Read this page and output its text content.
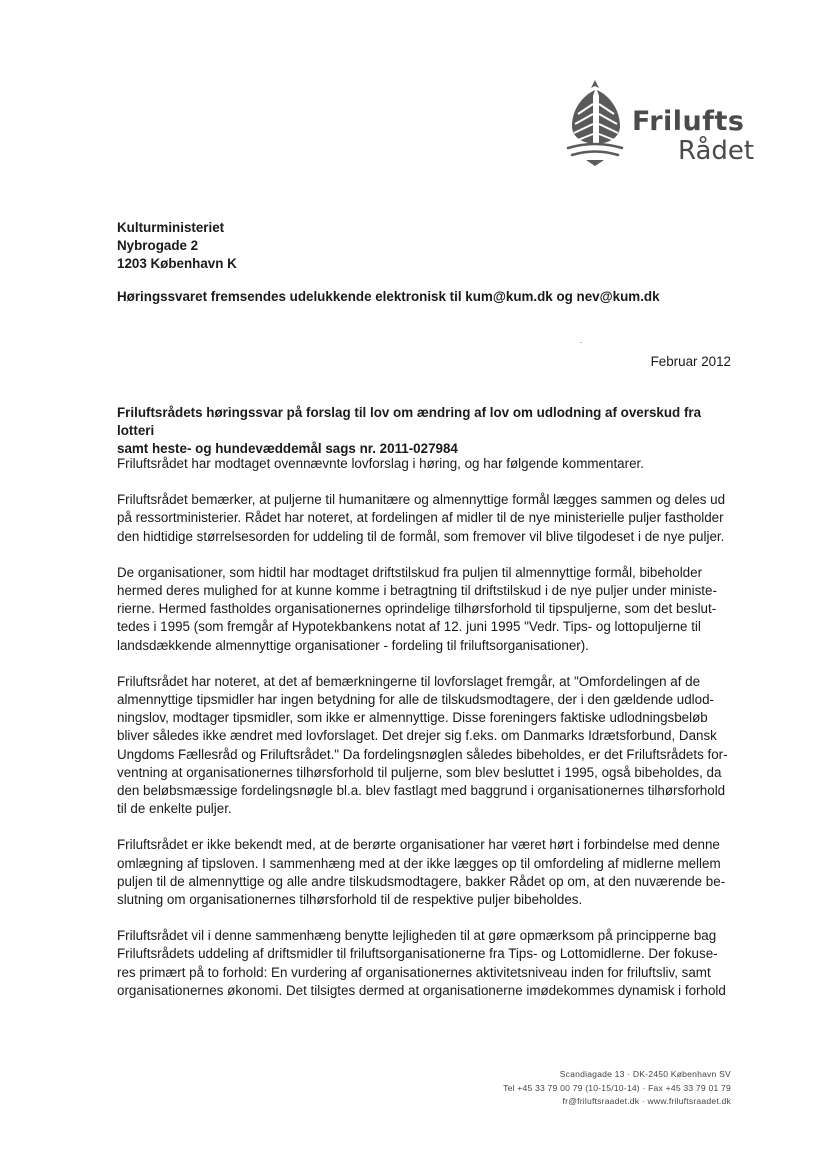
Frilufts
Rådet
Kulturministeriet
Nybrogade 2
1203 København K
Høringssvaret fremsendes udelukkende elektronisk til kum@kum.dk og nev@kum.dk
Februar 2012
Friluftsrådets høringssvar på forslag til lov om ændring af lov om udlodning af overskud fra lotteri
samt heste- og hundevæddemål sags nr. 2011-027984

Friluftsrådet har modtaget ovennævnte lovforslag i høring, og har følgende kommentarer.

Friluftsrådet bemærker, at puljerne til humanitære og almennyttige formål lægges sammen og deles ud
på ressortministerier. Rådet har noteret, at fordelingen af midler til de nye ministerielle puljer fastholder
den hidtidige størrelsesorden for uddeling til de formål, som fremover vil blive tilgodeset i de nye puljer.

De organisationer, som hidtil har modtaget driftstilskud fra puljen til almennyttige formål, bibeholder
hermed deres mulighed for at kunne komme i betragtning til driftstilskud i de nye puljer under ministe-
rierne. Hermed fastholdes organisationernes oprindelige tilhørsforhold til tipspuljerne, som det beslut-
tedes i 1995 (som fremgår af Hypotekbankens notat af 12. juni 1995 "Vedr. Tips- og lottopuljerne til
landsdækkende almennyttige organisationer - fordeling til friluftsorganisationer).

Friluftsrådet har noteret, at det af bemærkningerne til lovforslaget fremgår, at "Omfordelingen af de
almennyttige tipsmidler har ingen betydning for alle de tilskudsmodtagere, der i den gældende udlod-
ningslov, modtager tipsmidler, som ikke er almennyttige. Disse foreningers faktiske udlodningsbeløb
bliver således ikke ændret med lovforslaget. Det drejer sig f.eks. om Danmarks Idrætsforbund, Dansk
Ungdoms Fællesråd og Friluftsrådet." Da fordelingsnøglen således bibeholdes, er det Friluftsrådets for-
ventning at organisationernes tilhørsforhold til puljerne, som blev besluttet i 1995, også bibeholdes, da
den beløbsmæssige fordelingsnøgle bl.a. blev fastlagt med baggrund i organisationernes tilhørsforhold
til de enkelte puljer.

Friluftsrådet er ikke bekendt med, at de berørte organisationer har været hørt i forbindelse med denne
omlægning af tipsloven. I sammenhæng med at der ikke lægges op til omfordeling af midlerne mellem
puljen til de almennyttige og alle andre tilskudsmodtagere, bakker Rådet op om, at den nuværende be-
slutning om organisationernes tilhørsforhold til de respektive puljer bibeholdes.

Friluftsrådet vil i denne sammenhæng benytte lejligheden til at gøre opmærksom på principperne bag
Friluftsrådets uddeling af driftsmidler til friluftsorganisationerne fra Tips- og Lottomidlerne. Der fokuse-
res primært på to forhold: En vurdering af organisationernes aktivitetsniveau inden for friluftsliv, samt
organisationernes økonomi. Det tilsigtes dermed at organisationerne imødekommes dynamisk i forhold

Scandiagade 13 · DK-2450 København SV
Tel +45 33 79 00 79 (10-15/10-14) · Fax +45 33 79 01 79
fr@friluftsraadet.dk · www.friluftsraadet.dk
